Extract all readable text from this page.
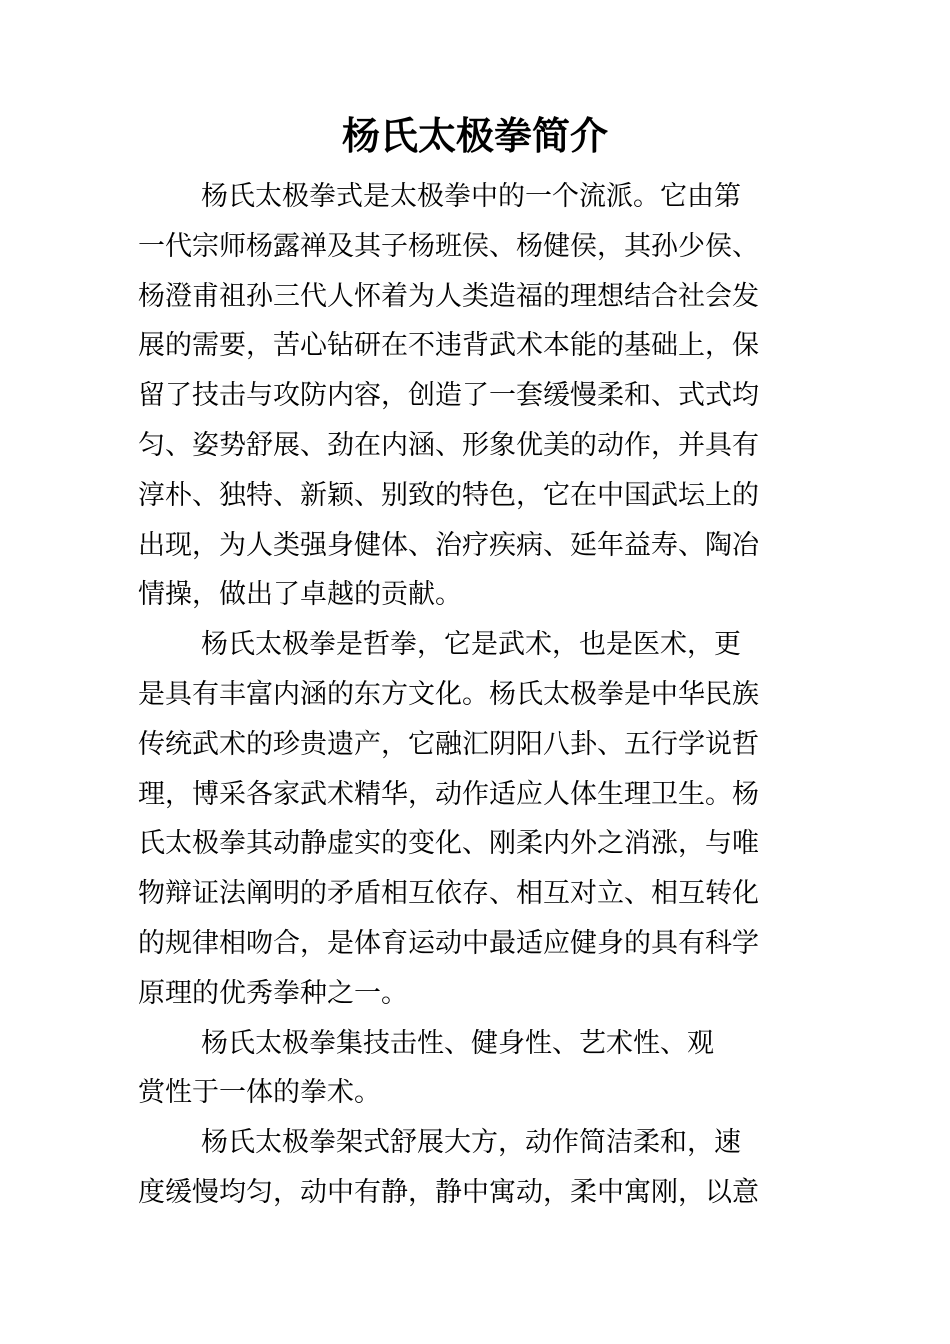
杨氏太极拳简介

杨氏太极拳式是太极拳中的一个流派。它由第
一代宗师杨露禅及其子杨班侯、杨健侯，其孙少侯、
杨澄甫祖孙三代人怀着为人类造福的理想结合社会发
展的需要，苦心钻研在不违背武术本能的基础上，保
留了技击与攻防内容，创造了一套缓慢柔和、式式均
匀、姿势舒展、劲在内涵、形象优美的动作，并具有
淳朴、独特、新颖、别致的特色，它在中国武坛上的
出现，为人类强身健体、治疗疾病、延年益寿、陶冶
情操，做出了卓越的贡献。

杨氏太极拳是哲拳，它是武术，也是医术，更
是具有丰富内涵的东方文化。杨氏太极拳是中华民族
传统武术的珍贵遗产，它融汇阴阳八卦、五行学说哲
理，博采各家武术精华，动作适应人体生理卫生。杨
氏太极拳其动静虚实的变化、刚柔内外之消涨，与唯
物辩证法阐明的矛盾相互依存、相互对立、相互转化
的规律相吻合，是体育运动中最适应健身的具有科学
原理的优秀拳种之一。

杨氏太极拳集技击性、健身性、艺术性、观
赏性于一体的拳术。

杨氏太极拳架式舒展大方，动作简洁柔和，速
度缓慢均匀，动中有静，静中寓动，柔中寓刚，以意
